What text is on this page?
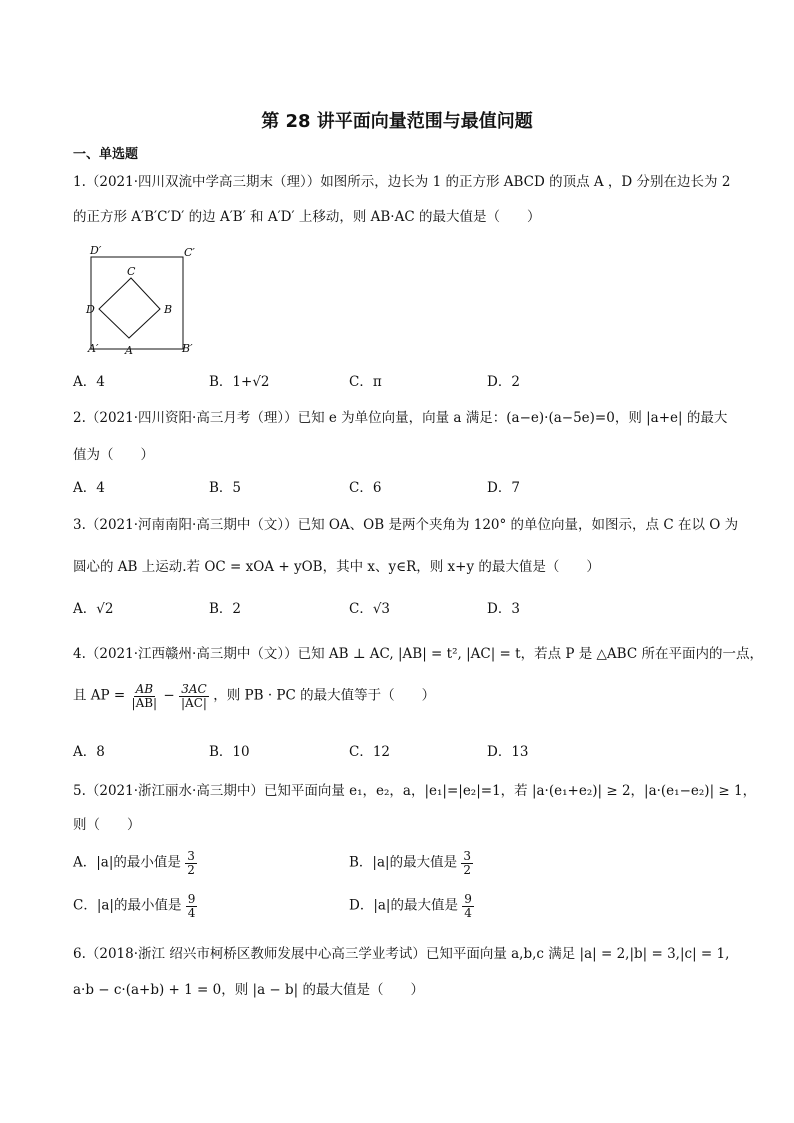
第 28 讲平面向量范围与最值问题
一、单选题
1.（2021·四川双流中学高三期末（理））如图所示，边长为 1 的正方形 ABCD 的顶点 A ，D 分别在边长为 2
的正方形 A′B′C′D′ 的边 A′B′ 和 A′D′ 上移动，则 AB·AC 的最大值是（　　）
D′	C′
C
D	B
A′ A	B′
A．4	B．1+√2	C．π	D．2
2.（2021·四川资阳·高三月考（理））已知 e 为单位向量，向量 a 满足：(a−e)·(a−5e)=0，则 |a+e| 的最大
值为（　　）
A．4	B．5	C．6	D．7
3.（2021·河南南阳·高三期中（文））已知 OA、OB 是两个夹角为 120° 的单位向量，如图示，点 C 在以 O 为
圆心的 AB 上运动.若 OC = xOA + yOB，其中 x、y∈R，则 x+y 的最大值是（　　）
A．√2	B．2	C．√3	D．3
4.（2021·江西赣州·高三期中（文））已知 AB ⊥ AC, |AB| = t², |AC| = t，若点 P 是 △ABC 所在平面内的一点，
且 AP = $\frac{AB}{|AB|} - \frac{3AC}{|AC|}$ ，则 PB · PC 的最大值等于（　　）
A．8	B．10	C．12	D．13
5.（2021·浙江丽水·高三期中）已知平面向量 e₁，e₂，a，|e₁|=|e₂|=1，若 |a·(e₁+e₂)| ≥ 2，|a·(e₁−e₂)| ≥ 1，
则（　　）
A．|a|的最小值是 $\frac{3}{2}$	B．|a|的最大值是 $\frac{3}{2}$
C．|a|的最小值是 $\frac{9}{4}$	D．|a|的最大值是 $\frac{9}{4}$
6.（2018·浙江 绍兴市柯桥区教师发展中心高三学业考试）已知平面向量 a,b,c 满足 |a| = 2,|b| = 3,|c| = 1,
a·b − c·(a+b) + 1 = 0，则 |a − b| 的最大值是（　　）
